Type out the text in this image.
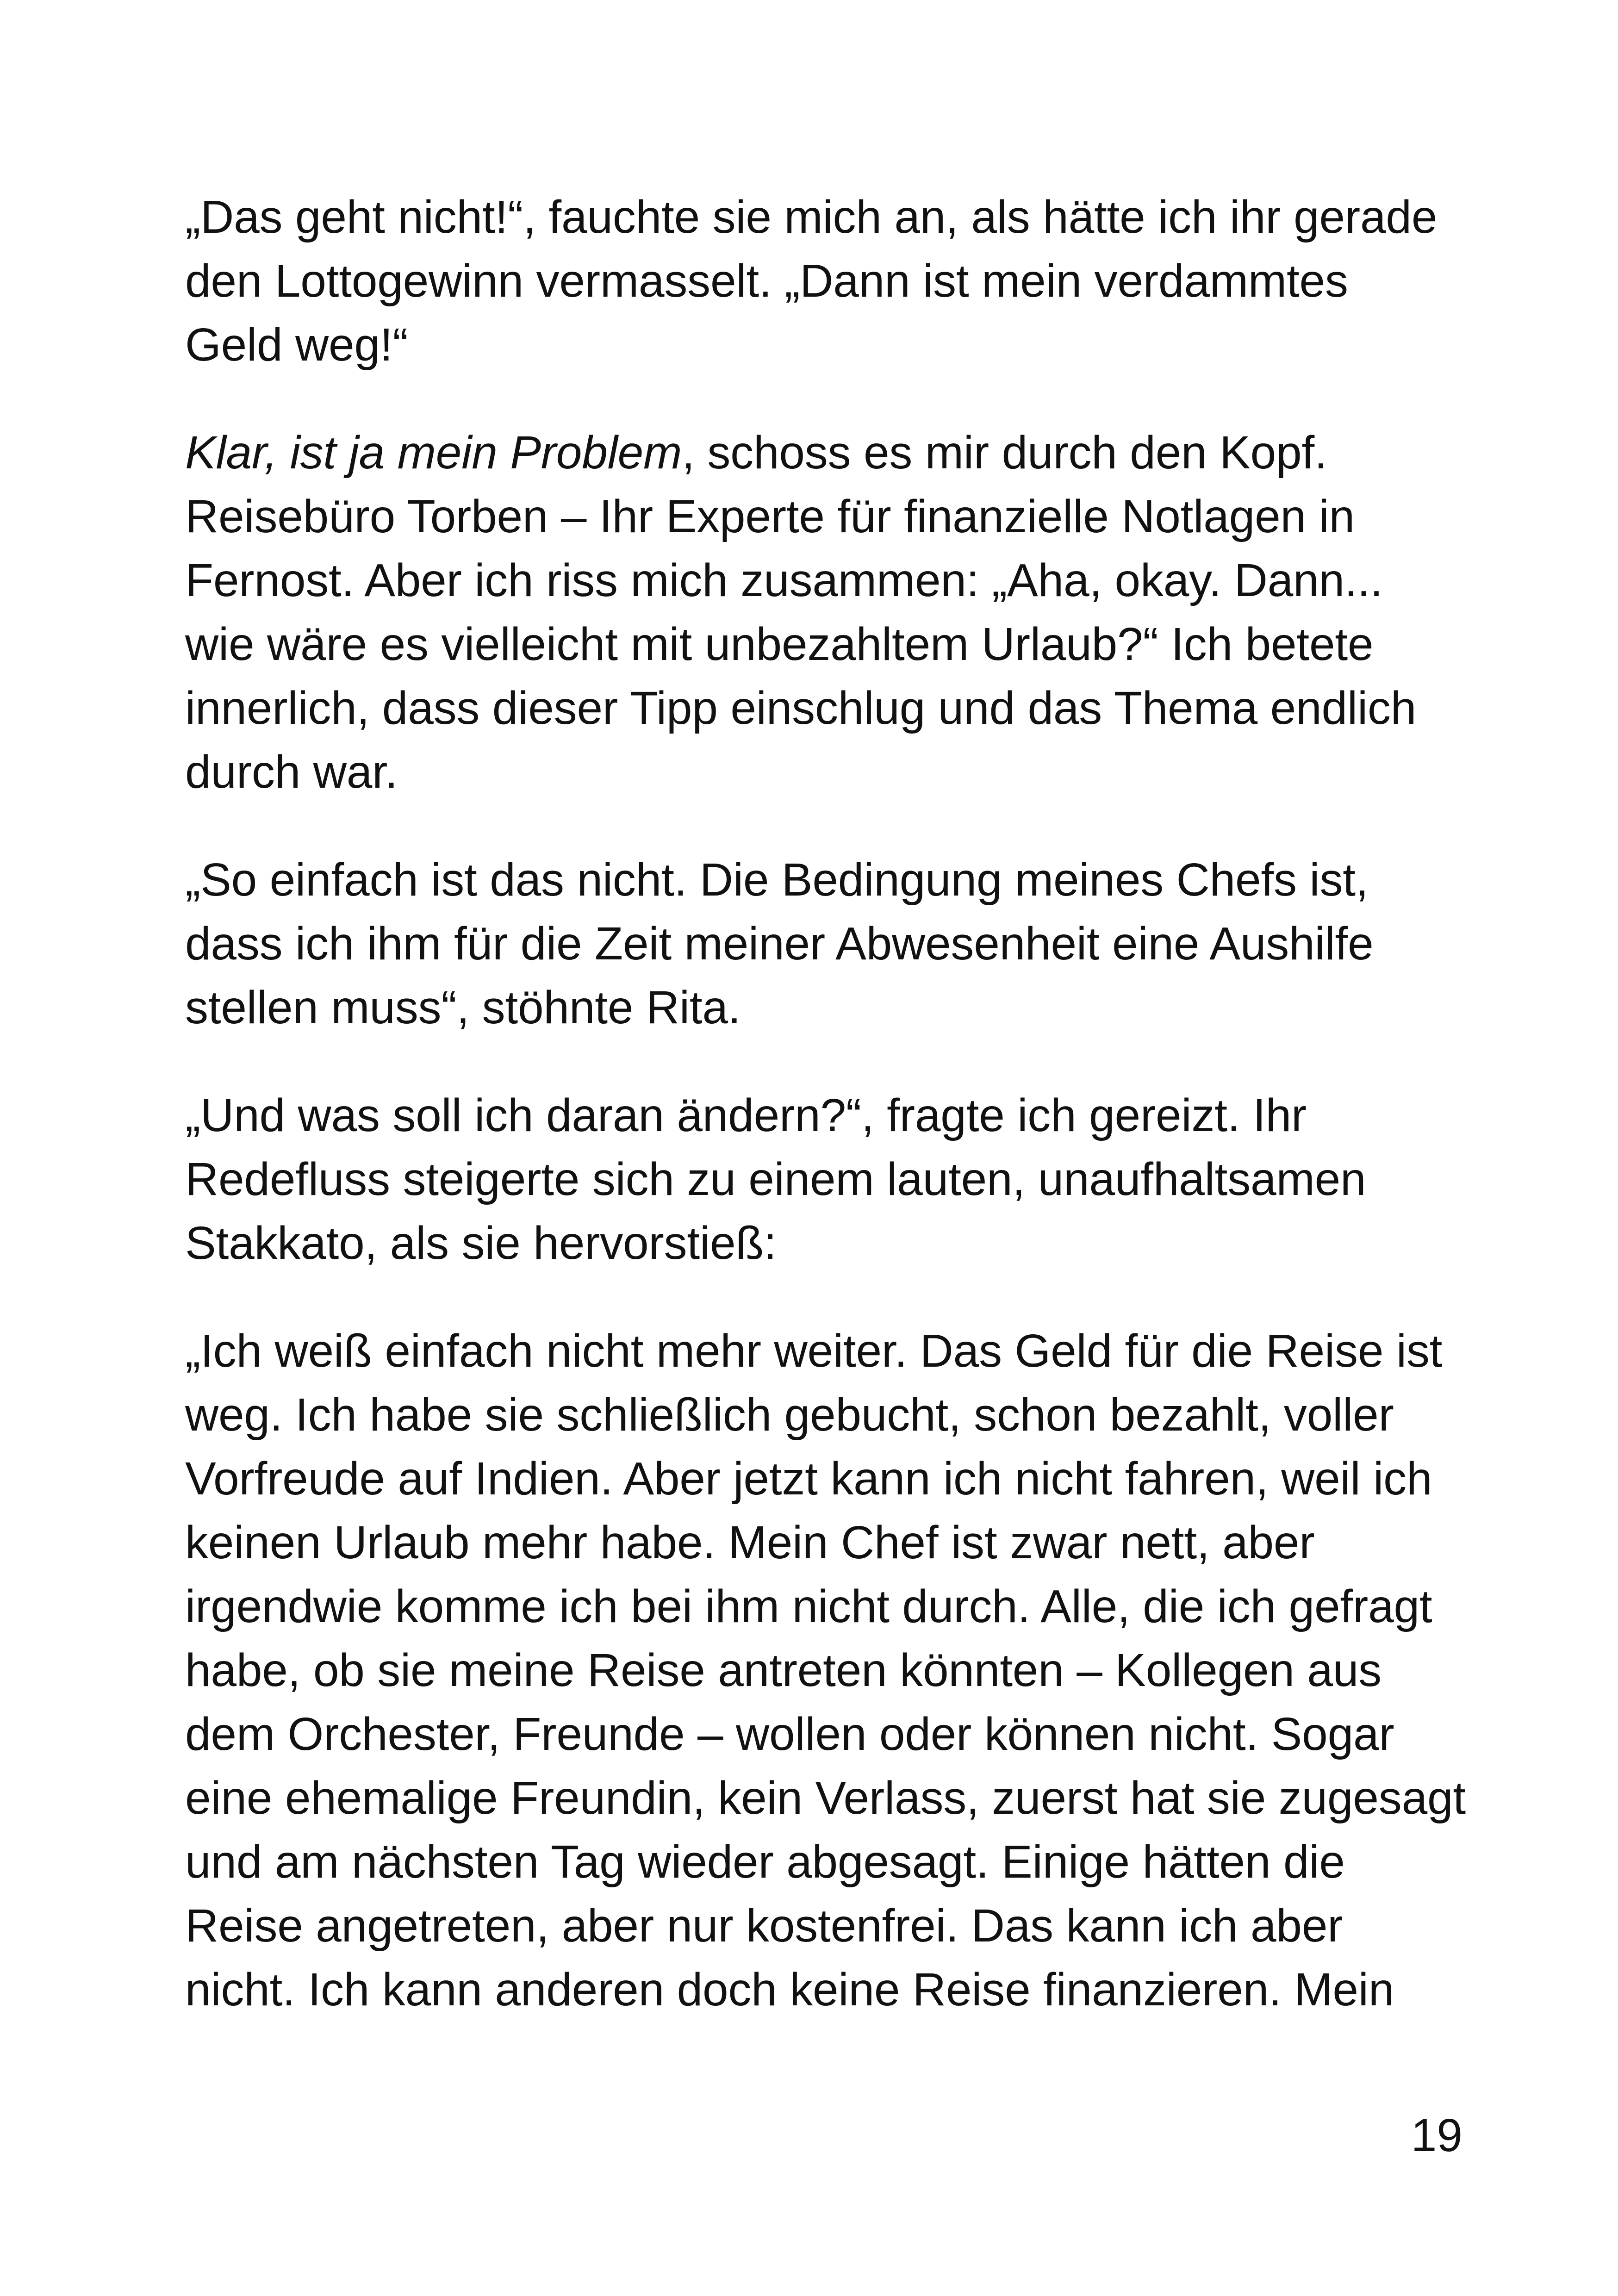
„Das geht nicht!“, fauchte sie mich an, als hätte ich ihr gerade
den Lottogewinn vermasselt. „Dann ist mein verdammtes
Geld weg!“

Klar, ist ja mein Problem, schoss es mir durch den Kopf.
Reisebüro Torben – Ihr Experte für finanzielle Notlagen in
Fernost. Aber ich riss mich zusammen: „Aha, okay. Dann...
wie wäre es vielleicht mit unbezahltem Urlaub?“ Ich betete
innerlich, dass dieser Tipp einschlug und das Thema endlich
durch war.

„So einfach ist das nicht. Die Bedingung meines Chefs ist,
dass ich ihm für die Zeit meiner Abwesenheit eine Aushilfe
stellen muss“, stöhnte Rita.

„Und was soll ich daran ändern?“, fragte ich gereizt. Ihr
Redefluss steigerte sich zu einem lauten, unaufhaltsamen
Stakkato, als sie hervorstieß:

„Ich weiß einfach nicht mehr weiter. Das Geld für die Reise ist
weg. Ich habe sie schließlich gebucht, schon bezahlt, voller
Vorfreude auf Indien. Aber jetzt kann ich nicht fahren, weil ich
keinen Urlaub mehr habe. Mein Chef ist zwar nett, aber
irgendwie komme ich bei ihm nicht durch. Alle, die ich gefragt
habe, ob sie meine Reise antreten könnten – Kollegen aus
dem Orchester, Freunde – wollen oder können nicht. Sogar
eine ehemalige Freundin, kein Verlass, zuerst hat sie zugesagt
und am nächsten Tag wieder abgesagt. Einige hätten die
Reise angetreten, aber nur kostenfrei. Das kann ich aber
nicht. Ich kann anderen doch keine Reise finanzieren. Mein

19
